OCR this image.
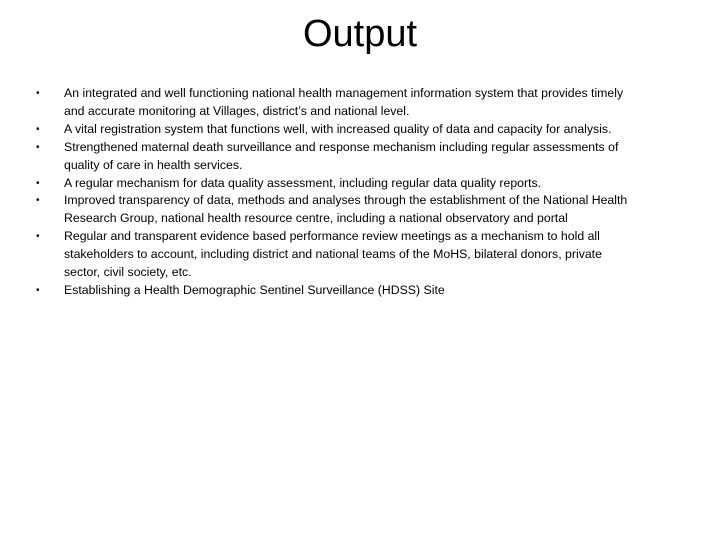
Output
• An integrated and well functioning national health management information system that provides timely
and accurate monitoring at Villages, district’s and national level.
• A vital registration system that functions well, with increased quality of data and capacity for analysis.
• Strengthened maternal death surveillance and response mechanism including regular assessments of
quality of care in health services.
• A regular mechanism for data quality assessment, including regular data quality reports.
• Improved transparency of data, methods and analyses through the establishment of the National Health
Research Group, national health resource centre, including a national observatory and portal
• Regular and transparent evidence based performance review meetings as a mechanism to hold all
stakeholders to account, including district and national teams of the MoHS, bilateral donors, private
sector, civil society, etc.
• Establishing a Health Demographic Sentinel Surveillance (HDSS) Site
